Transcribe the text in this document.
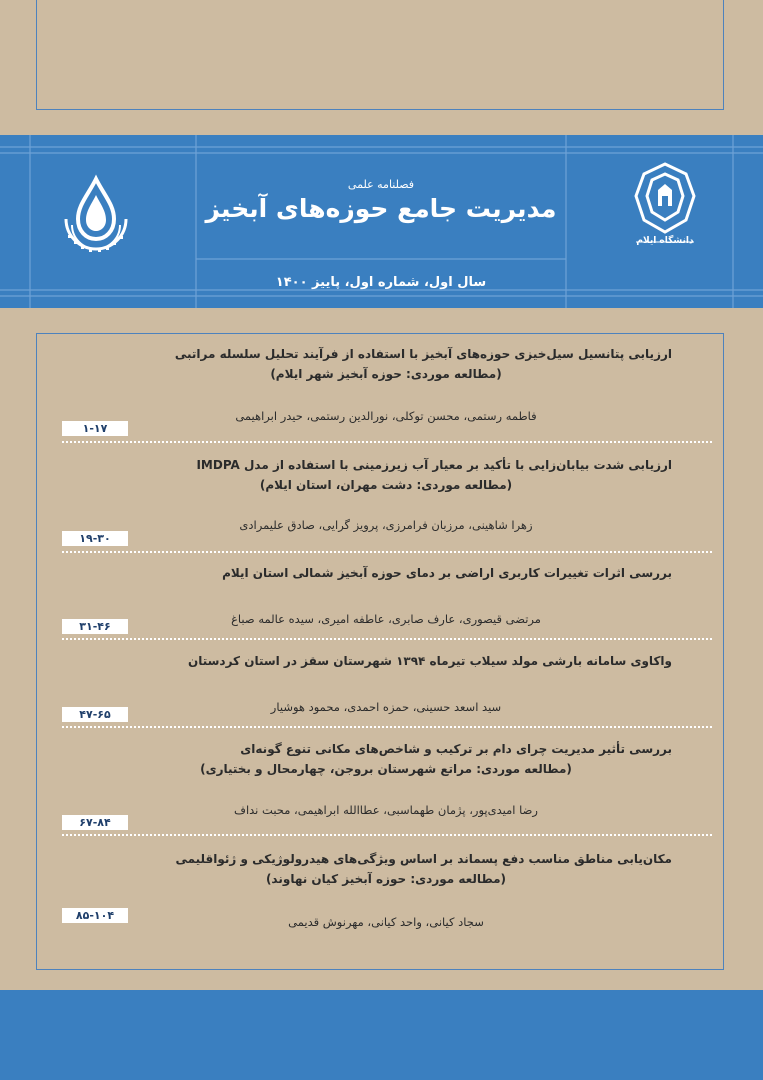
دانشگاه ایلام
فصلنامه علمی
مدیریت جامع حوزه‌های آبخیز
سال اول، شماره اول، پاییز ۱۴۰۰
ارزیابی پتانسیل سیل‌خیزی حوزه‌های آبخیز با استفاده از فرآیند تحلیل سلسله مراتبی
(مطالعه موردی: حوزه آبخیز شهر ایلام)
فاطمه رستمی، محسن توکلی، نورالدین رستمی، حیدر ابراهیمی
۱-۱۷
ارزیابی شدت بیابان‌زایی با تأکید بر معیار آب زیرزمینی با استفاده از مدل IMDPA
(مطالعه موردی: دشت مهران، استان ایلام)
زهرا شاهینی، مرزبان فرامرزی، پرویز گرایی، صادق علیمرادی
۱۹-۳۰
بررسی اثرات تغییرات کاربری اراضی بر دمای حوزه آبخیز شمالی استان ایلام
مرتضی قیصوری، عارف صابری، عاطفه امیری، سیده عالمه صباغ
۳۱-۴۶
واکاوی سامانه بارشی مولد سیلاب تیرماه ۱۳۹۴ شهرستان سقز در استان کردستان
سید اسعد حسینی، حمزه احمدی، محمود هوشیار
۴۷-۶۵
بررسی تأثیر مدیریت چرای دام بر ترکیب و شاخص‌های مکانی تنوع گونه‌ای
(مطالعه موردی: مراتع شهرستان بروجن، چهارمحال و بختیاری)
رضا امیدی‌پور، پژمان طهماسبی، عطاالله ابراهیمی، محبت نداف
۶۷-۸۴
مکان‌یابی مناطق مناسب دفع پسماند بر اساس ویژگی‌های هیدرولوژیکی و ژئواقلیمی
(مطالعه موردی: حوزه آبخیز کیان نهاوند)
سجاد کیانی، واحد کیانی، مهرنوش قدیمی
۸۵-۱۰۴
